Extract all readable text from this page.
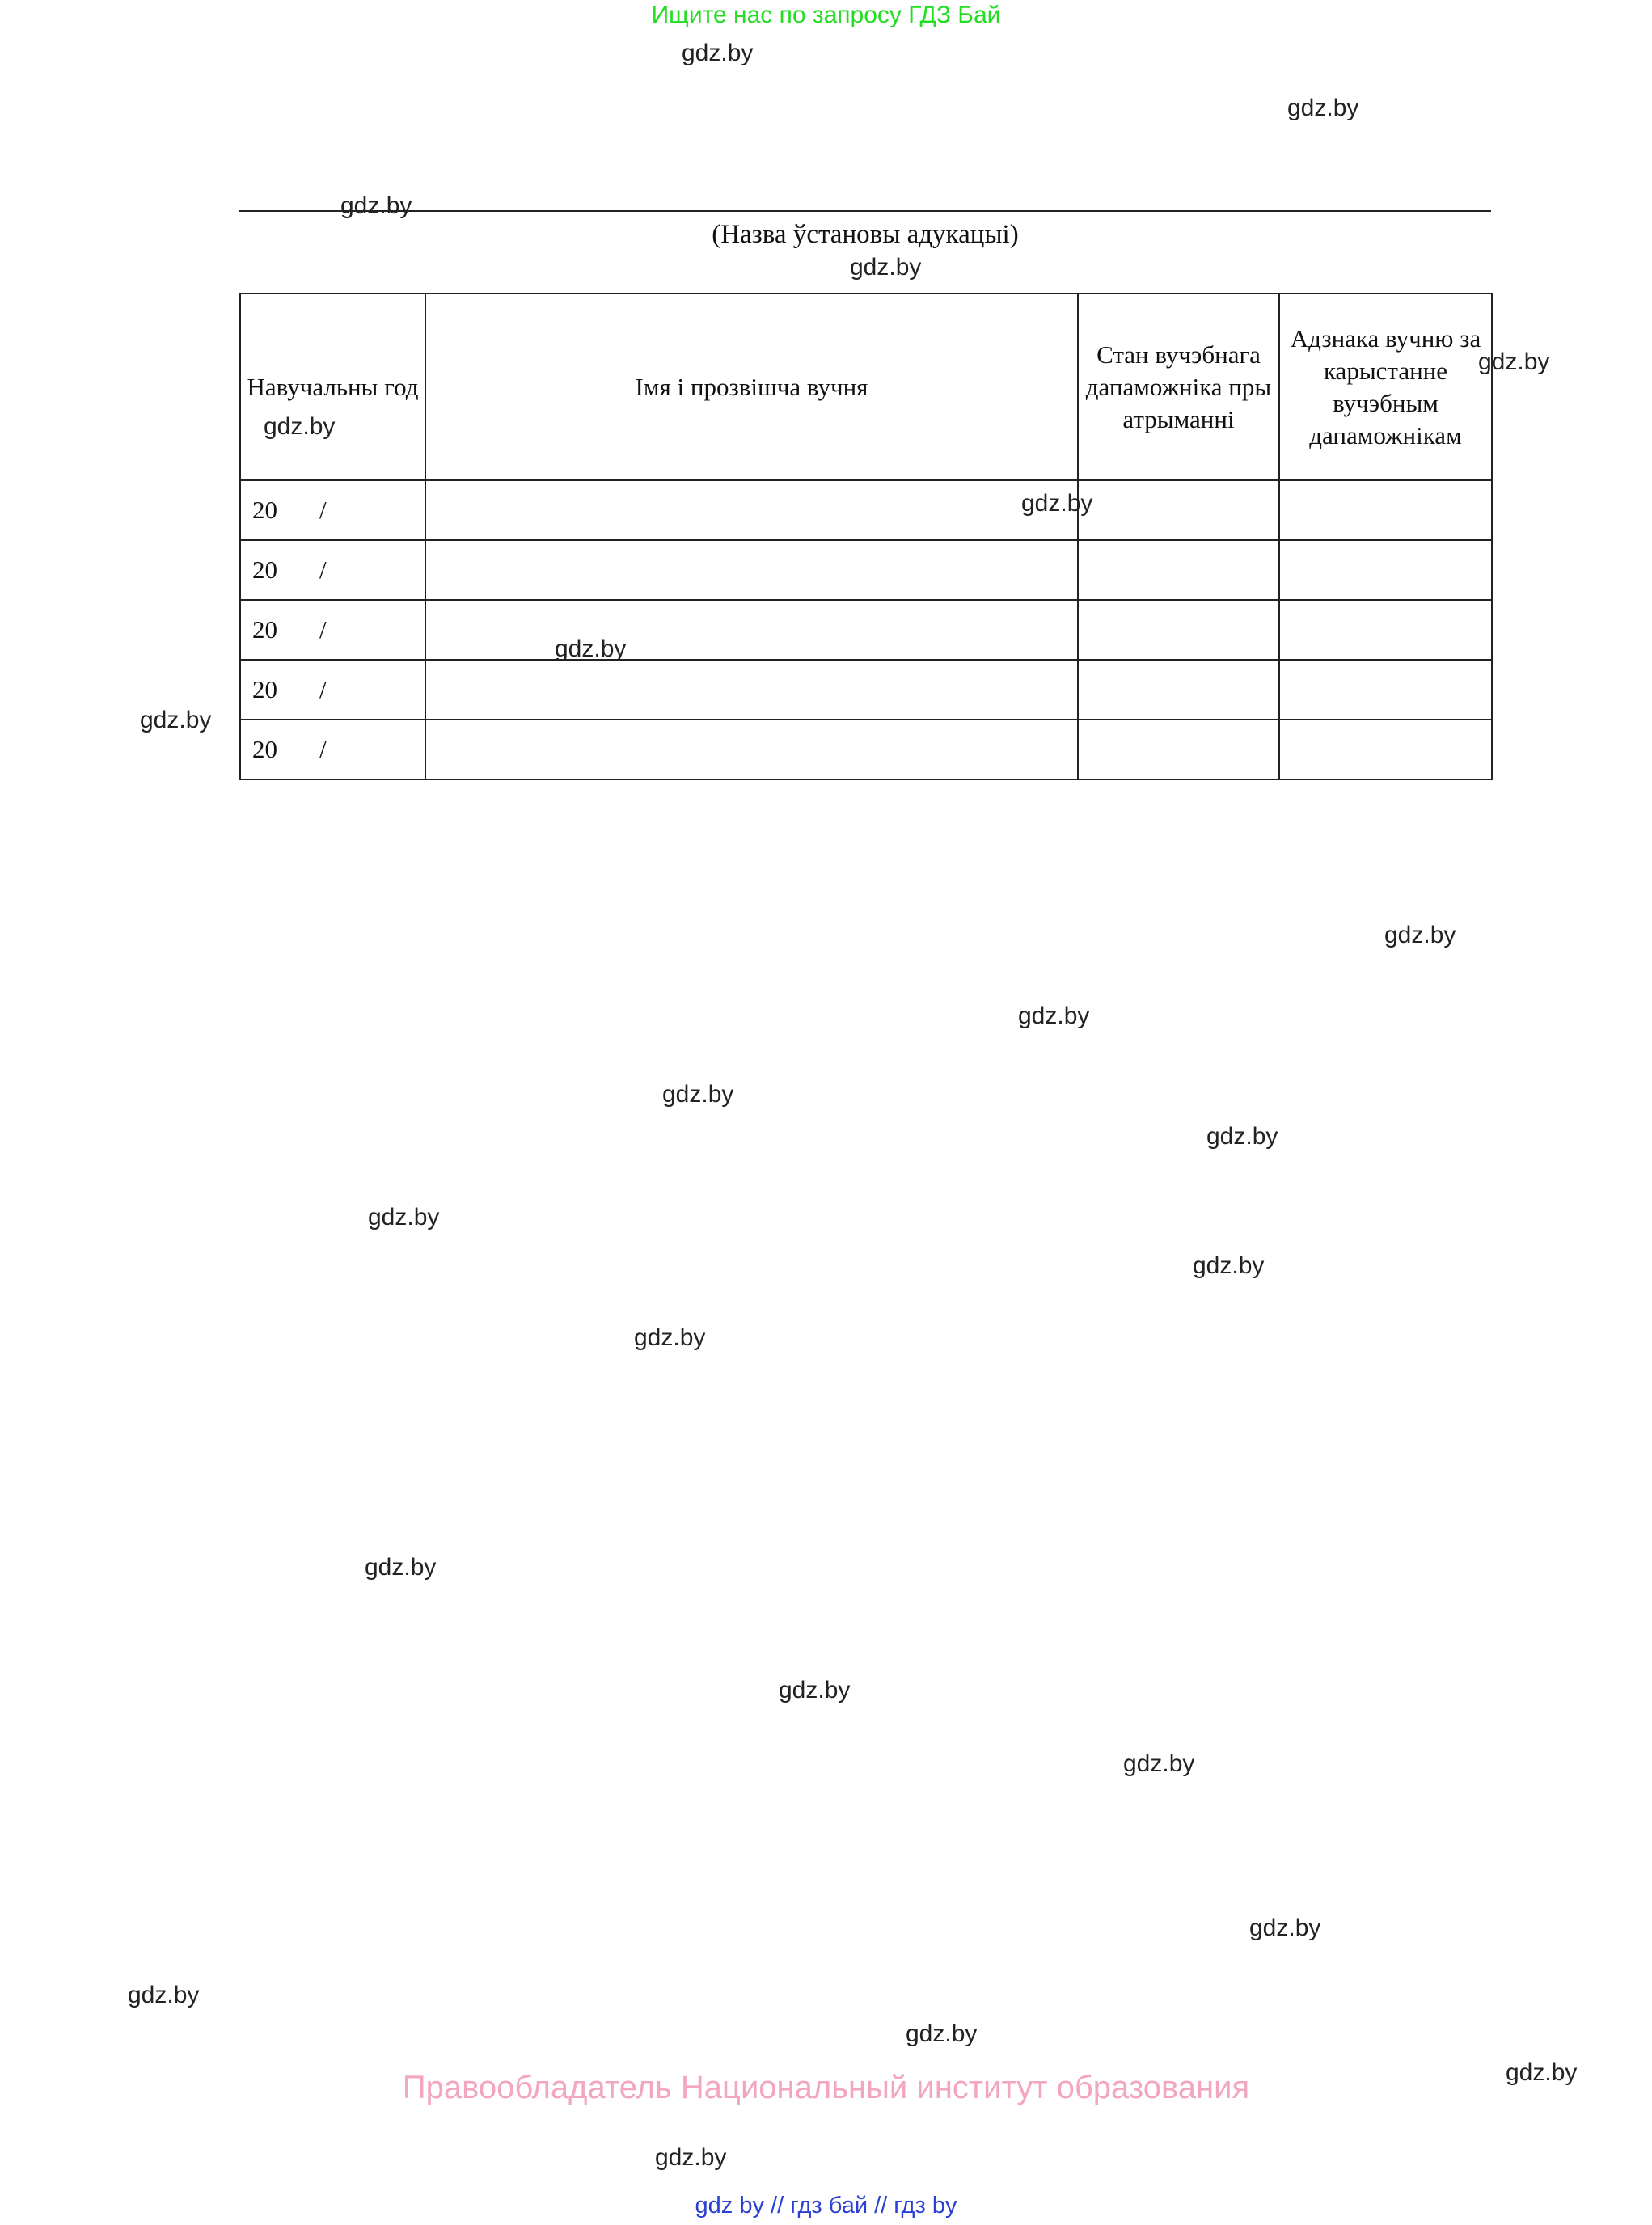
Ищите нас по запросу ГДЗ Бай
(Назва ўстановы адукацыі)
Навучальны год	Імя і прозвішча вучня	Стан вучэбнага дапаможніка пры атрыманні	Адзнака вучню за карыстанне вучэбным дапаможнікам
20 /			
20 /			
20 /			
20 /			
20 /			
gdz.by
gdz.by
gdz.by
gdz.by
gdz.by
gdz.by
gdz.by
gdz.by
gdz.by
gdz.by
gdz.by
gdz.by
gdz.by
gdz.by
gdz.by
gdz.by
gdz.by
gdz.by
gdz.by
gdz.by
gdz.by
gdz.by
gdz.by
gdz.by
Правообладатель Национальный институт образования
gdz by // гдз бай // гдз by
